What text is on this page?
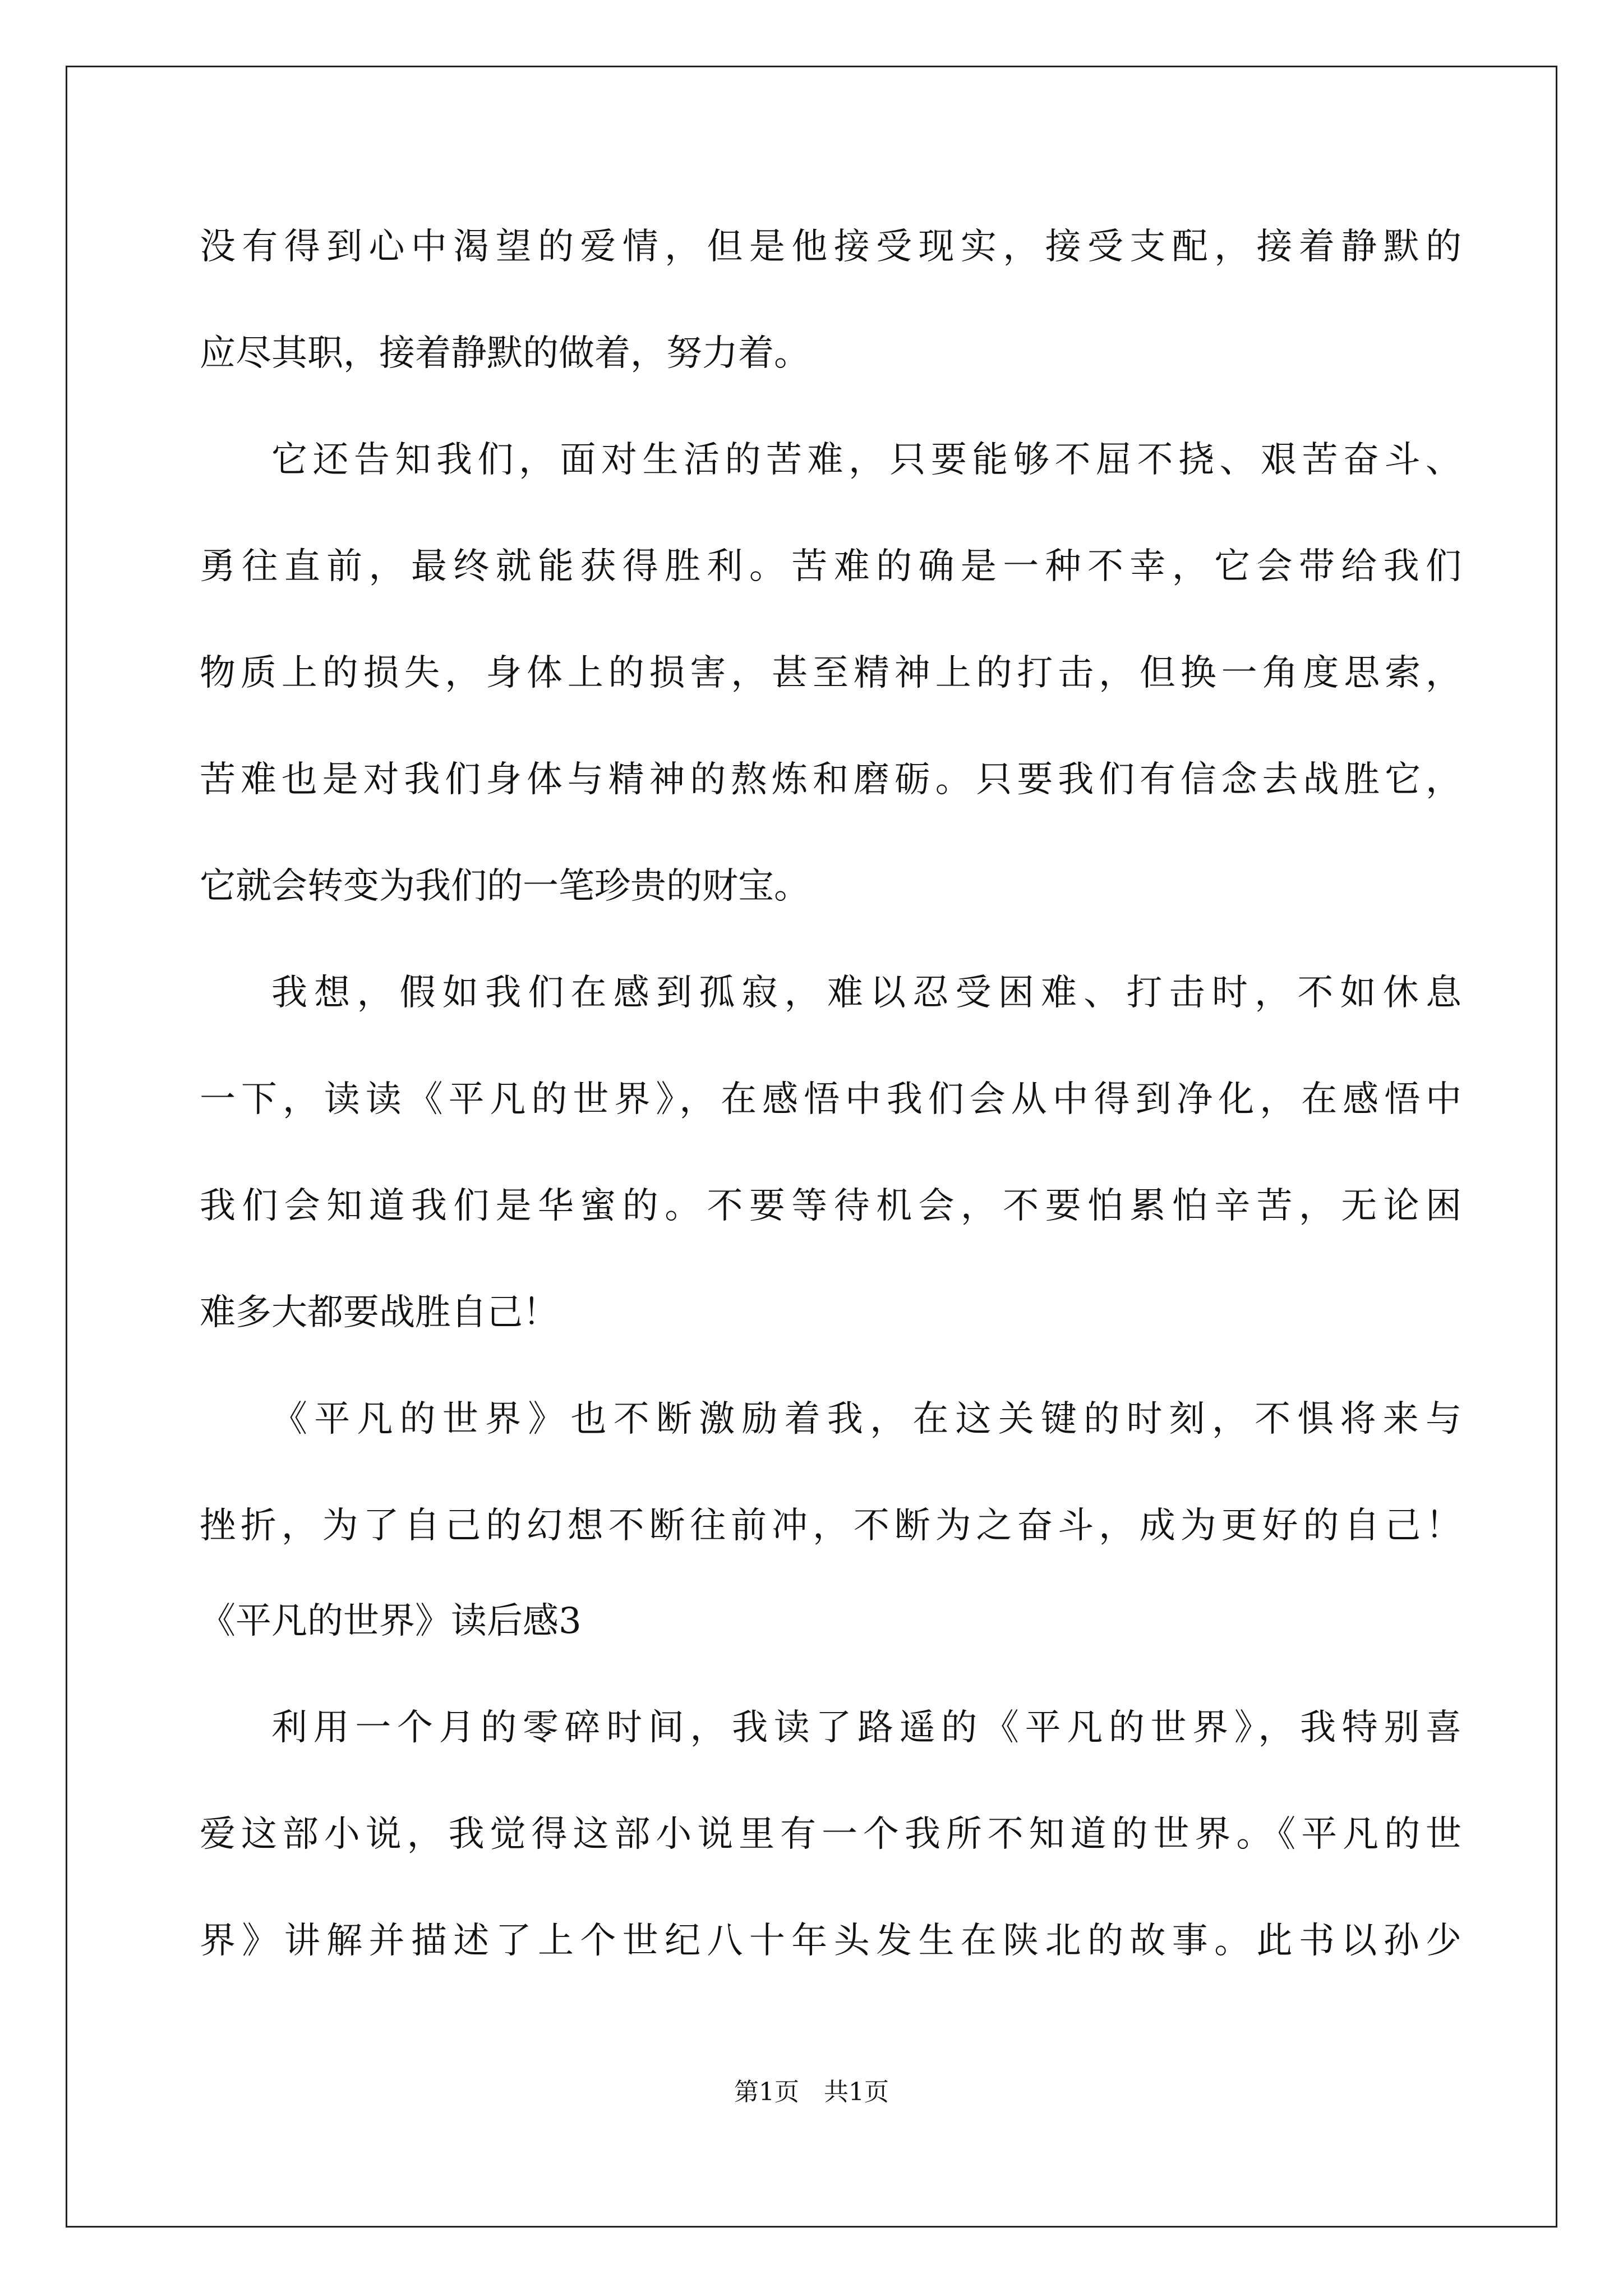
没有得到心中渴望的爱情，但是他接受现实，接受支配，接着静默的
应尽其职，接着静默的做着，努力着。
它还告知我们，面对生活的苦难，只要能够不屈不挠、艰苦奋斗、
勇往直前，最终就能获得胜利。苦难的确是一种不幸，它会带给我们
物质上的损失，身体上的损害，甚至精神上的打击，但换一角度思索，
苦难也是对我们身体与精神的熬炼和磨砺。只要我们有信念去战胜它，
它就会转变为我们的一笔珍贵的财宝。
我想，假如我们在感到孤寂，难以忍受困难、打击时，不如休息
一下，读读《平凡的世界》，在感悟中我们会从中得到净化，在感悟中
我们会知道我们是华蜜的。不要等待机会，不要怕累怕辛苦，无论困
难多大都要战胜自己！
《平凡的世界》也不断激励着我，在这关键的时刻，不惧将来与
挫折，为了自己的幻想不断往前冲，不断为之奋斗，成为更好的自己！
《平凡的世界》读后感3
利用一个月的零碎时间，我读了路遥的《平凡的世界》，我特别喜
爱这部小说，我觉得这部小说里有一个我所不知道的世界。《平凡的世
界》讲解并描述了上个世纪八十年头发生在陕北的故事。此书以孙少
第1页　共1页
